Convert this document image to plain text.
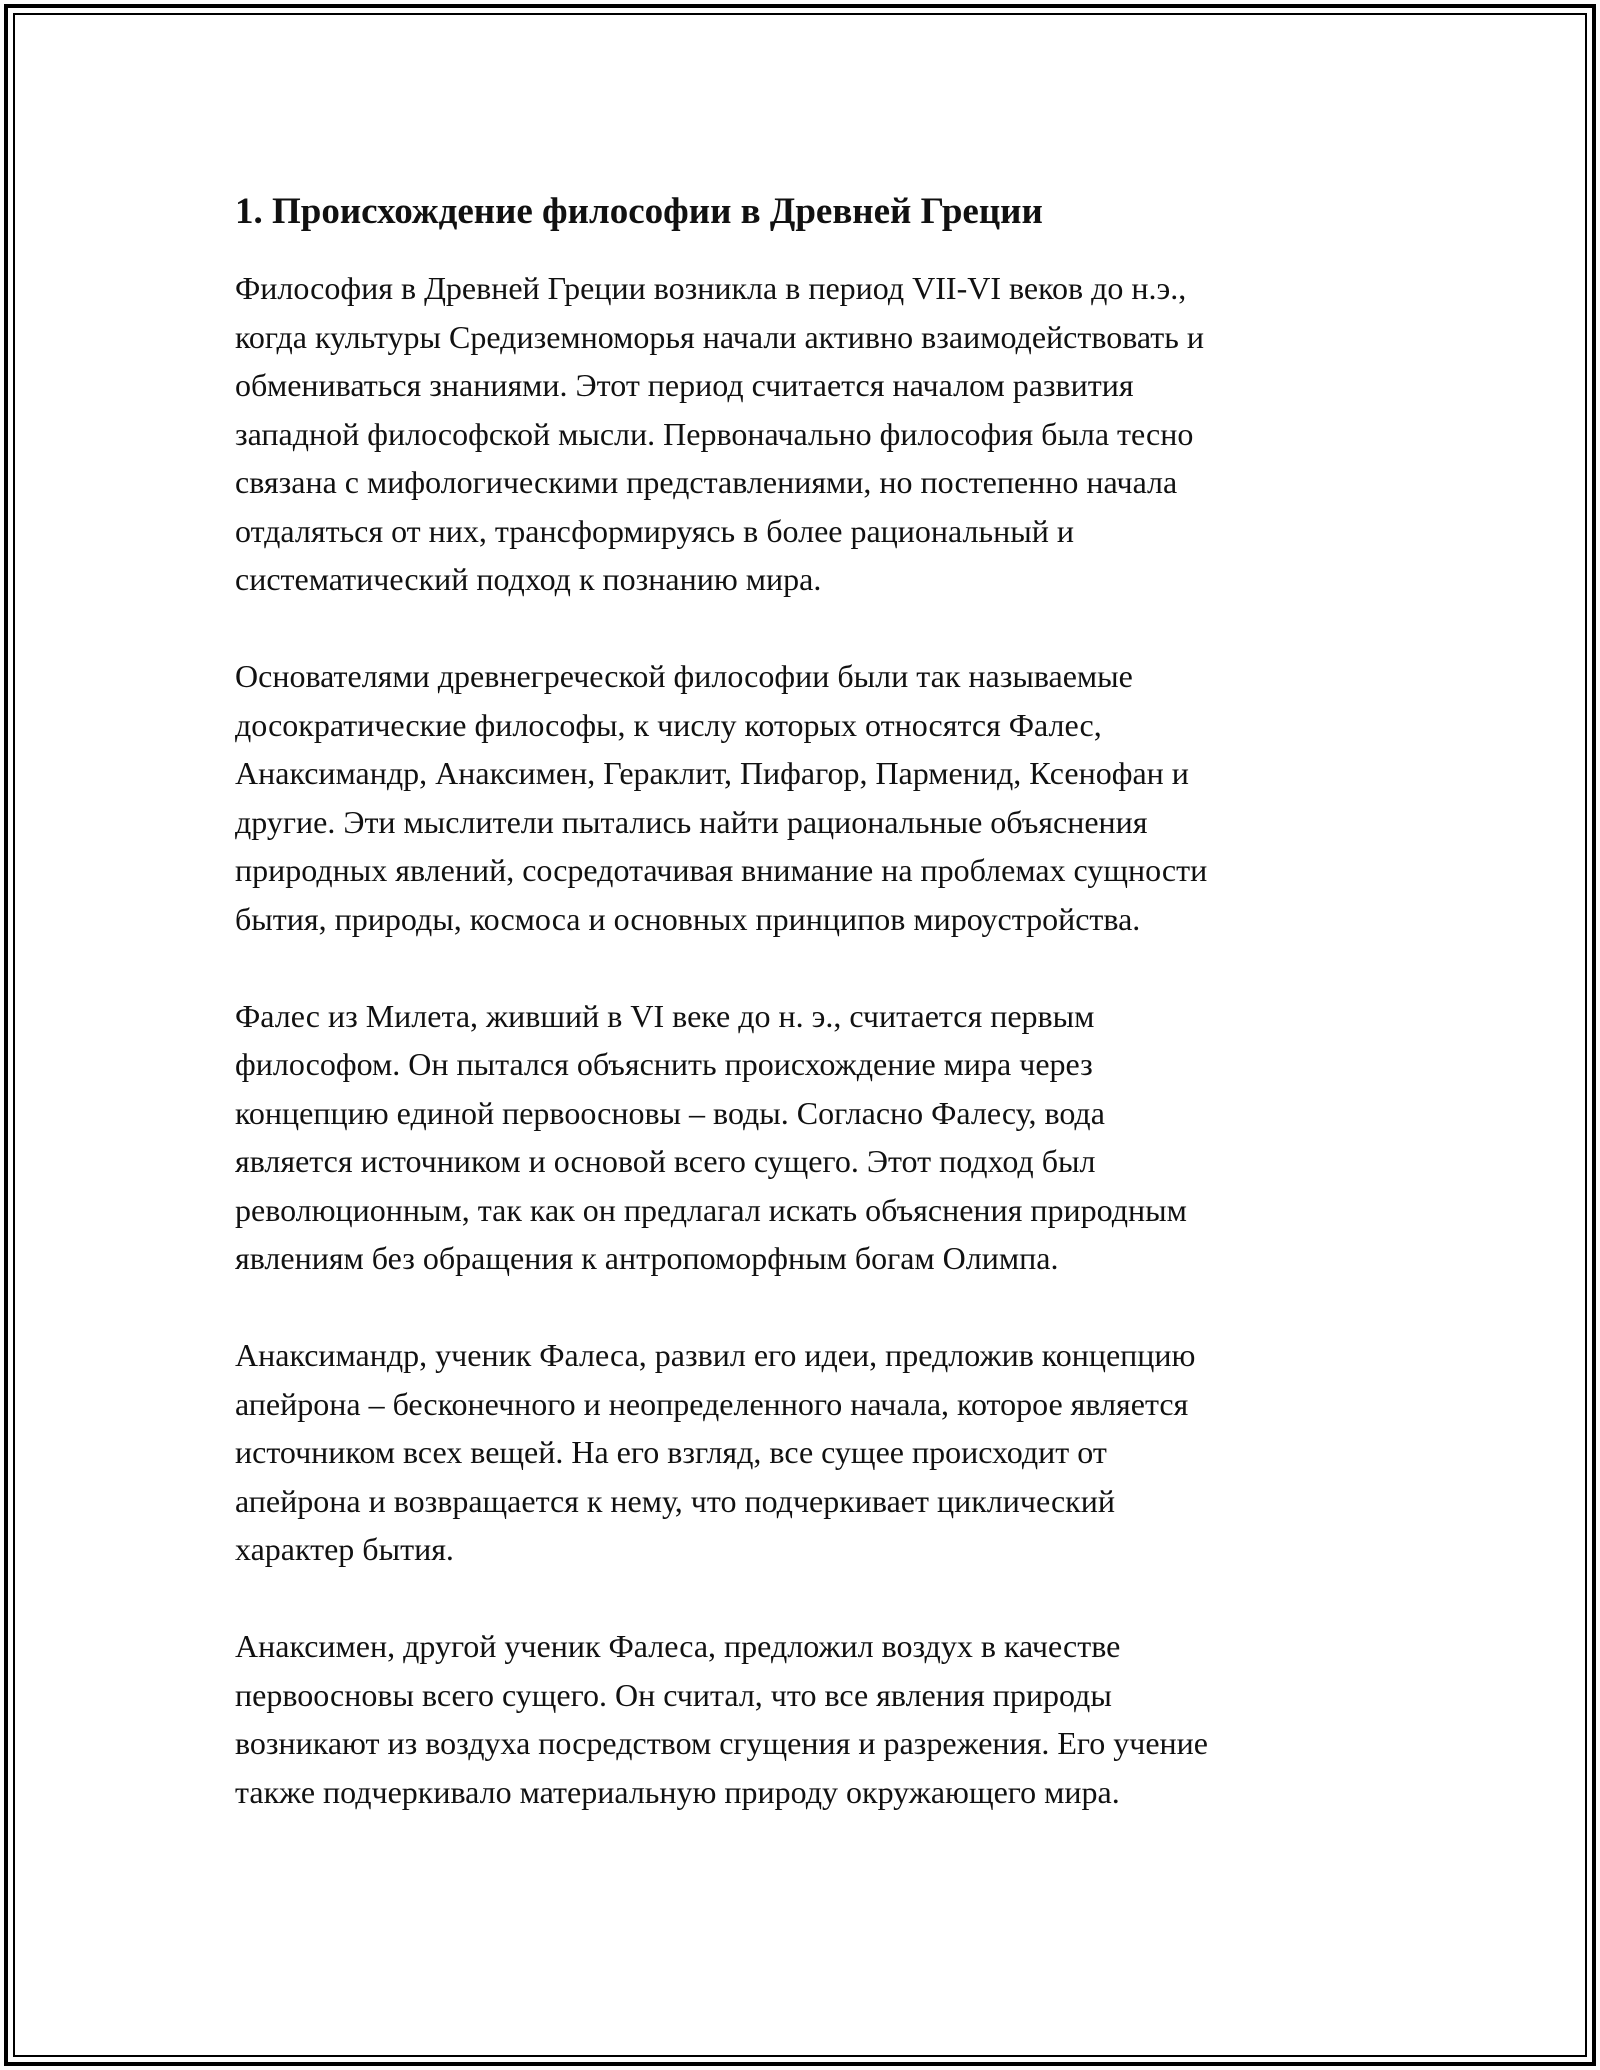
1. Происхождение философии в Древней Греции
Философия в Древней Греции возникла в период VII-VI веков до н.э.,
когда культуры Средиземноморья начали активно взаимодействовать и
обмениваться знаниями. Этот период считается началом развития
западной философской мысли. Первоначально философия была тесно
связана с мифологическими представлениями, но постепенно начала
отдаляться от них, трансформируясь в более рациональный и
систематический подход к познанию мира.
Основателями древнегреческой философии были так называемые
досократические философы, к числу которых относятся Фалес,
Анаксимандр, Анаксимен, Гераклит, Пифагор, Парменид, Ксенофан и
другие. Эти мыслители пытались найти рациональные объяснения
природных явлений, сосредотачивая внимание на проблемах сущности
бытия, природы, космоса и основных принципов мироустройства.
Фалес из Милета, живший в VI веке до н. э., считается первым
философом. Он пытался объяснить происхождение мира через
концепцию единой первоосновы – воды. Согласно Фалесу, вода
является источником и основой всего сущего. Этот подход был
революционным, так как он предлагал искать объяснения природным
явлениям без обращения к антропоморфным богам Олимпа.
Анаксимандр, ученик Фалеса, развил его идеи, предложив концепцию
апейрона – бесконечного и неопределенного начала, которое является
источником всех вещей. На его взгляд, все сущее происходит от
апейрона и возвращается к нему, что подчеркивает циклический
характер бытия.
Анаксимен, другой ученик Фалеса, предложил воздух в качестве
первоосновы всего сущего. Он считал, что все явления природы
возникают из воздуха посредством сгущения и разрежения. Его учение
также подчеркивало материальную природу окружающего мира.
